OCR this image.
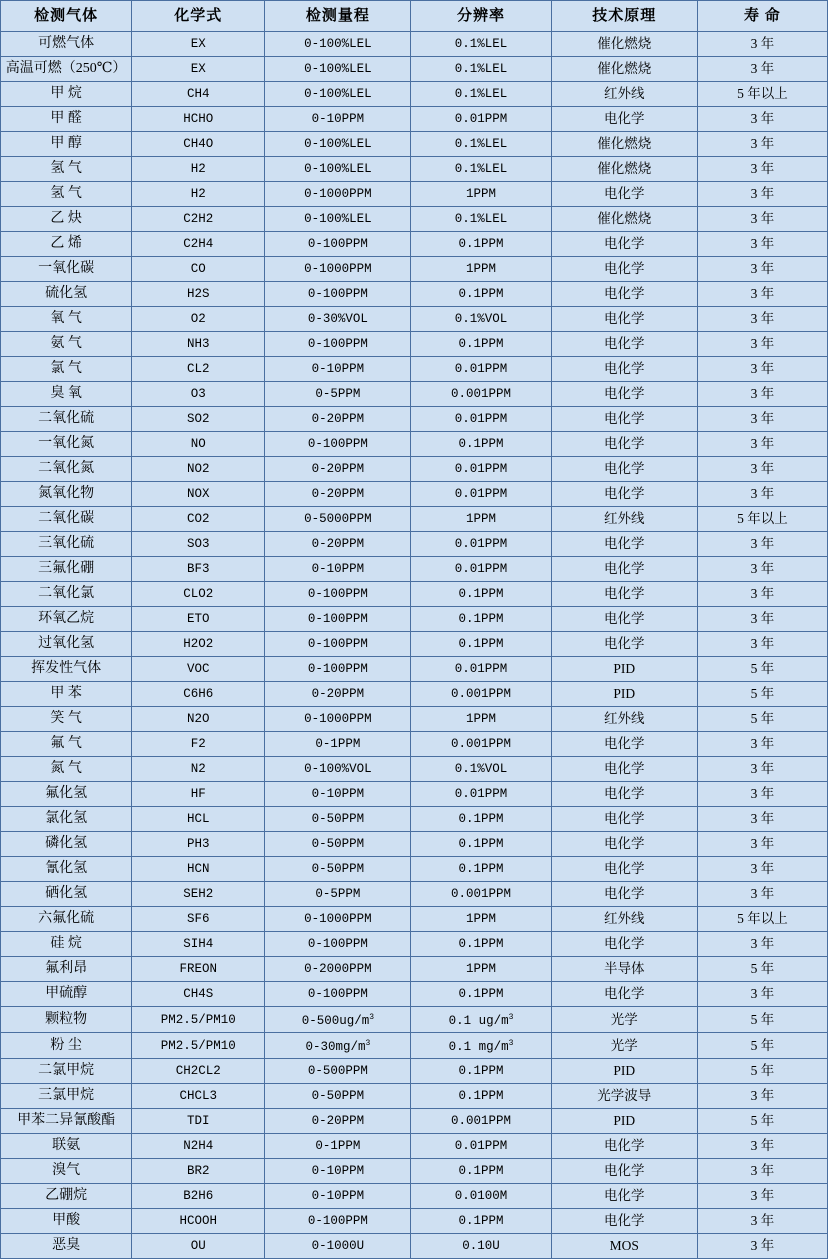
检测气体	化学式	检测量程	分辨率	技术原理	寿 命
可燃气体	EX	0-100%LEL	0.1%LEL	催化燃烧	3 年
高温可燃（250℃）	EX	0-100%LEL	0.1%LEL	催化燃烧	3 年
甲 烷	CH4	0-100%LEL	0.1%LEL	红外线	5 年以上
甲 醛	HCHO	0-10PPM	0.01PPM	电化学	3 年
甲 醇	CH4O	0-100%LEL	0.1%LEL	催化燃烧	3 年
氢 气	H2	0-100%LEL	0.1%LEL	催化燃烧	3 年
氢 气	H2	0-1000PPM	1PPM	电化学	3 年
乙 炔	C2H2	0-100%LEL	0.1%LEL	催化燃烧	3 年
乙 烯	C2H4	0-100PPM	0.1PPM	电化学	3 年
一氧化碳	CO	0-1000PPM	1PPM	电化学	3 年
硫化氢	H2S	0-100PPM	0.1PPM	电化学	3 年
氧 气	O2	0-30%VOL	0.1%VOL	电化学	3 年
氨 气	NH3	0-100PPM	0.1PPM	电化学	3 年
氯 气	CL2	0-10PPM	0.01PPM	电化学	3 年
臭 氧	O3	0-5PPM	0.001PPM	电化学	3 年
二氧化硫	SO2	0-20PPM	0.01PPM	电化学	3 年
一氧化氮	NO	0-100PPM	0.1PPM	电化学	3 年
二氧化氮	NO2	0-20PPM	0.01PPM	电化学	3 年
氮氧化物	NOX	0-20PPM	0.01PPM	电化学	3 年
二氧化碳	CO2	0-5000PPM	1PPM	红外线	5 年以上
三氧化硫	SO3	0-20PPM	0.01PPM	电化学	3 年
三氟化硼	BF3	0-10PPM	0.01PPM	电化学	3 年
二氧化氯	CLO2	0-100PPM	0.1PPM	电化学	3 年
环氧乙烷	ETO	0-100PPM	0.1PPM	电化学	3 年
过氧化氢	H2O2	0-100PPM	0.1PPM	电化学	3 年
挥发性气体	VOC	0-100PPM	0.01PPM	PID	5 年
甲 苯	C6H6	0-20PPM	0.001PPM	PID	5 年
笑 气	N2O	0-1000PPM	1PPM	红外线	5 年
氟 气	F2	0-1PPM	0.001PPM	电化学	3 年
氮 气	N2	0-100%VOL	0.1%VOL	电化学	3 年
氟化氢	HF	0-10PPM	0.01PPM	电化学	3 年
氯化氢	HCL	0-50PPM	0.1PPM	电化学	3 年
磷化氢	PH3	0-50PPM	0.1PPM	电化学	3 年
氰化氢	HCN	0-50PPM	0.1PPM	电化学	3 年
硒化氢	SEH2	0-5PPM	0.001PPM	电化学	3 年
六氟化硫	SF6	0-1000PPM	1PPM	红外线	5 年以上
硅 烷	SIH4	0-100PPM	0.1PPM	电化学	3 年
氟利昂	FREON	0-2000PPM	1PPM	半导体	5 年
甲硫醇	CH4S	0-100PPM	0.1PPM	电化学	3 年
颗粒物	PM2.5/PM10	$0-500ug/m^3$	0.1 $ug/m^3$	光学	5 年
粉 尘	PM2.5/PM10	$0-30mg/m^3$	0.1 $mg/m^3$	光学	5 年
二氯甲烷	CH2CL2	0-500PPM	0.1PPM	PID	5 年
三氯甲烷	CHCL3	0-50PPM	0.1PPM	光学波导	3 年
甲苯二异氰酸酯	TDI	0-20PPM	0.001PPM	PID	5 年
联氨	N2H4	0-1PPM	0.01PPM	电化学	3 年
溴气	BR2	0-10PPM	0.1PPM	电化学	3 年
乙硼烷	B2H6	0-10PPM	0.0100M	电化学	3 年
甲酸	HCOOH	0-100PPM	0.1PPM	电化学	3 年
恶臭	OU	0-1000U	0.10U	MOS	3 年
